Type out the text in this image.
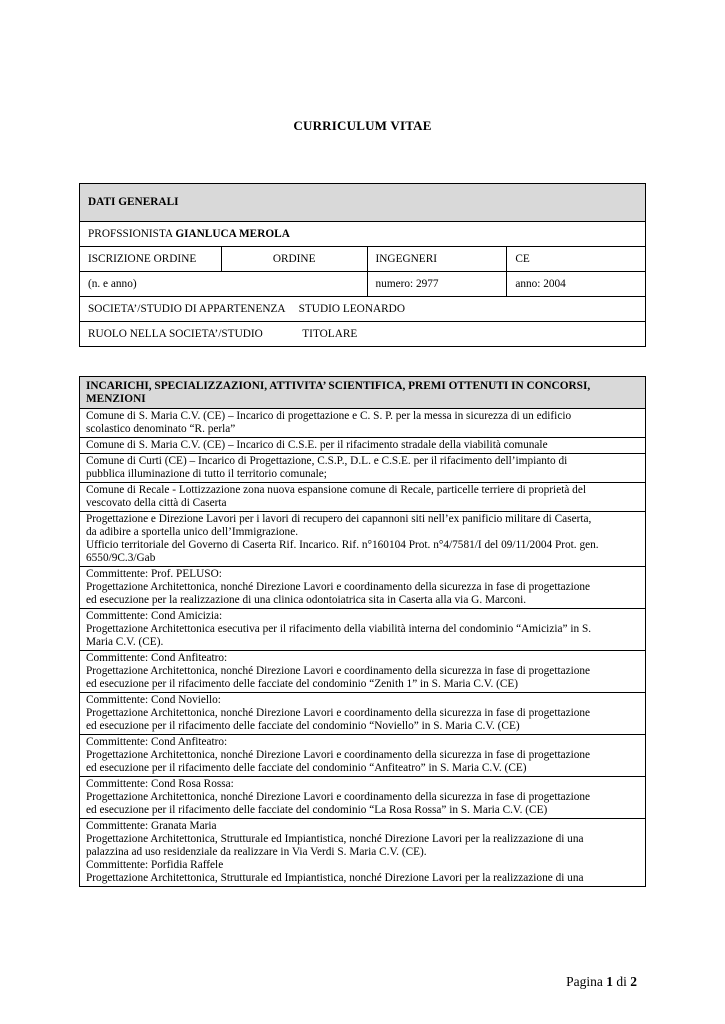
CURRICULUM VITAE
DATI GENERALI			
PROFSSIONISTA GIANLUCA MEROLA			
ISCRIZIONE ORDINE	ORDINE	INGEGNERI	CE
(n. e anno)		numero: 2977	anno: 2004
SOCIETA’/STUDIO DI APPARTENENZA STUDIO LEONARDO			
RUOLO NELLA SOCIETA’/STUDIO TITOLARE			
INCARICHI, SPECIALIZZAZIONI, ATTIVITA’ SCIENTIFICA, PREMI OTTENUTI IN CONCORSI, MENZIONI

Comune di S. Maria C.V. (CE) – Incarico di progettazione e C. S. P. per la messa in sicurezza di un edificio
scolastico denominato “R. perla”

Comune di S. Maria C.V. (CE) – Incarico di C.S.E. per il rifacimento stradale della viabilità comunale

Comune di Curti (CE) – Incarico di Progettazione, C.S.P., D.L. e C.S.E. per il rifacimento dell’impianto di
pubblica illuminazione di tutto il territorio comunale;

Comune di Recale - Lottizzazione zona nuova espansione comune di Recale, particelle terriere di proprietà del
vescovato della città di Caserta

Progettazione e Direzione Lavori per i lavori di recupero dei capannoni siti nell’ex panificio militare di Caserta,
da adibire a sportella unico dell’Immigrazione.
Ufficio territoriale del Governo di Caserta Rif. Incarico. Rif. n°160104 Prot. n°4/7581/I del 09/11/2004 Prot. gen.
6550/9C.3/Gab

Committente: Prof. PELUSO:
Progettazione Architettonica, nonché Direzione Lavori e coordinamento della sicurezza in fase di progettazione
ed esecuzione per la realizzazione di una clinica odontoiatrica sita in Caserta alla via G. Marconi.

Committente: Cond Amicizia:
Progettazione Architettonica esecutiva per il rifacimento della viabilità interna del condominio “Amicizia” in S.
Maria C.V. (CE).

Committente: Cond Anfiteatro:
Progettazione Architettonica, nonché Direzione Lavori e coordinamento della sicurezza in fase di progettazione
ed esecuzione per il rifacimento delle facciate del condominio “Zenith 1” in S. Maria C.V. (CE)

Committente: Cond Noviello:
Progettazione Architettonica, nonché Direzione Lavori e coordinamento della sicurezza in fase di progettazione
ed esecuzione per il rifacimento delle facciate del condominio “Noviello” in S. Maria C.V. (CE)

Committente: Cond Anfiteatro:
Progettazione Architettonica, nonché Direzione Lavori e coordinamento della sicurezza in fase di progettazione
ed esecuzione per il rifacimento delle facciate del condominio “Anfiteatro” in S. Maria C.V. (CE)

Committente: Cond Rosa Rossa:
Progettazione Architettonica, nonché Direzione Lavori e coordinamento della sicurezza in fase di progettazione
ed esecuzione per il rifacimento delle facciate del condominio “La Rosa Rossa” in S. Maria C.V. (CE)

Committente: Granata Maria
Progettazione Architettonica, Strutturale ed Impiantistica, nonché Direzione Lavori per la realizzazione di una
palazzina ad uso residenziale da realizzare in Via Verdi S. Maria C.V. (CE).
Committente: Porfidia Raffele
Progettazione Architettonica, Strutturale ed Impiantistica, nonché Direzione Lavori per la realizzazione di una
Pagina 1 di 2
